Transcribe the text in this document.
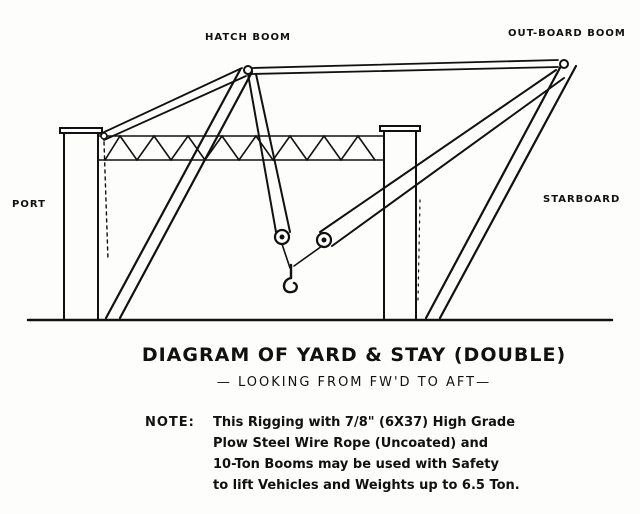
HATCH BOOM	OUT-BOARD BOOM
PORT	STARBOARD
DIAGRAM OF YARD & STAY (DOUBLE)
— LOOKING FROM FW'D TO AFT—
NOTE: This Rigging with 7/8" (6X37) High Grade
Plow Steel Wire Rope (Uncoated) and
10-Ton Booms may be used with Safety
to lift Vehicles and Weights up to 6.5 Ton.
